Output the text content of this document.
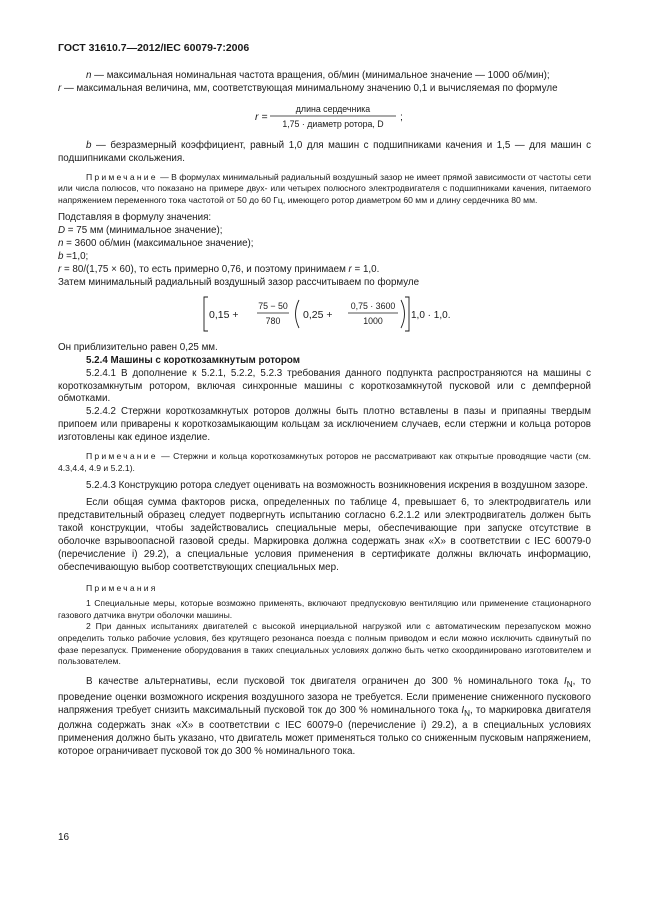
ГОСТ 31610.7—2012/IEC 60079-7:2006

n — максимальная номинальная частота вращения, об/мин (минимальное значение — 1000 об/мин);

r — максимальная величина, мм, соответствующая минимальному значению 0,1 и вычисляемая по формуле

r =
длина сердечника
1,75 · диаметр ротора, D
;

b — безразмерный коэффициент, равный 1,0 для машин с подшипниками качения и 1,5 — для машин с подшипниками скольжения.

Примечание — В формулах минимальный радиальный воздушный зазор не имеет прямой зависимости от частоты сети или числа полюсов, что показано на примере двух- или четырех полюсного электродвигателя с подшипниками качения, питаемого напряжением переменного тока частотой от 50 до 60 Гц, имеющего ротор диаметром 60 мм и длину сердечника 80 мм.

Подставляя в формулу значения:

D = 75 мм (минимальное значение);

n = 3600 об/мин (максимальное значение);

b =1,0;

r = 80/(1,75 × 60), то есть примерно 0,76, и поэтому принимаем r = 1,0.

Затем минимальный радиальный воздушный зазор рассчитываем по формуле

0,15 +
75 − 50
780 0,25 +
0,75 · 3600
1000	1,0 · 1,0.

Он приблизительно равен 0,25 мм.

5.2.4 Машины с короткозамкнутым ротором

5.2.4.1 В дополнение к 5.2.1, 5.2.2, 5.2.3 требования данного подпункта распространяются на машины с короткозамкнутым ротором, включая синхронные машины с короткозамкнутой пусковой или с демпферной обмотками.

5.2.4.2 Стержни короткозамкнутых роторов должны быть плотно вставлены в пазы и припаяны твердым припоем или приварены к короткозамыкающим кольцам за исключением случаев, если стержни и кольца роторов изготовлены как единое изделие.

Примечание — Стержни и кольца короткозамкнутых роторов не рассматривают как открытые проводящие части (см. 4.3,4.4, 4.9 и 5.2.1).

5.2.4.3 Конструкцию ротора следует оценивать на возможность возникновения искрения в воздушном зазоре.

Если общая сумма факторов риска, определенных по таблице 4, превышает 6, то электродвигатель или представительный образец следует подвергнуть испытанию согласно 6.2.1.2 или электродвигатель должен быть такой конструкции, чтобы задействовались специальные меры, обеспечивающие при запуске отсутствие в оболочке взрывоопасной газовой среды. Маркировка должна содержать знак «Х» в соответствии с IEC 60079-0 (перечисление i) 29.2), а специальные условия применения в сертификате должны включать информацию, обеспечивающую выбор соответствующих специальных мер.

Примечания

1 Специальные меры, которые возможно применять, включают предпусковую вентиляцию или применение стационарного газового датчика внутри оболочки машины.

2 При данных испытаниях двигателей с высокой инерциальной нагрузкой или с автоматическим перезапуском можно определить только рабочие условия, без крутящего резонанса поезда с полным приводом и если можно исключить сдвинутый по фазе перезапуск. Применение оборудования в таких специальных условиях должно быть четко скоординировано изготовителем и пользователем.

В качестве альтернативы, если пусковой ток двигателя ограничен до 300 % номинального тока $I_N$, то проведение оценки возможного искрения воздушного зазора не требуется. Если применение сниженного пускового напряжения требует снизить максимальный пусковой ток до 300 % номинального тока $I_N$, то маркировка двигателя должна содержать знак «Х» в соответствии с IEC 60079-0 (перечисление i) 29.2), а в специальных условиях применения должно быть указано, что двигатель может применяться только со сниженным пусковым напряжением, которое ограничивает пусковой ток до 300 % номинального тока.

16
